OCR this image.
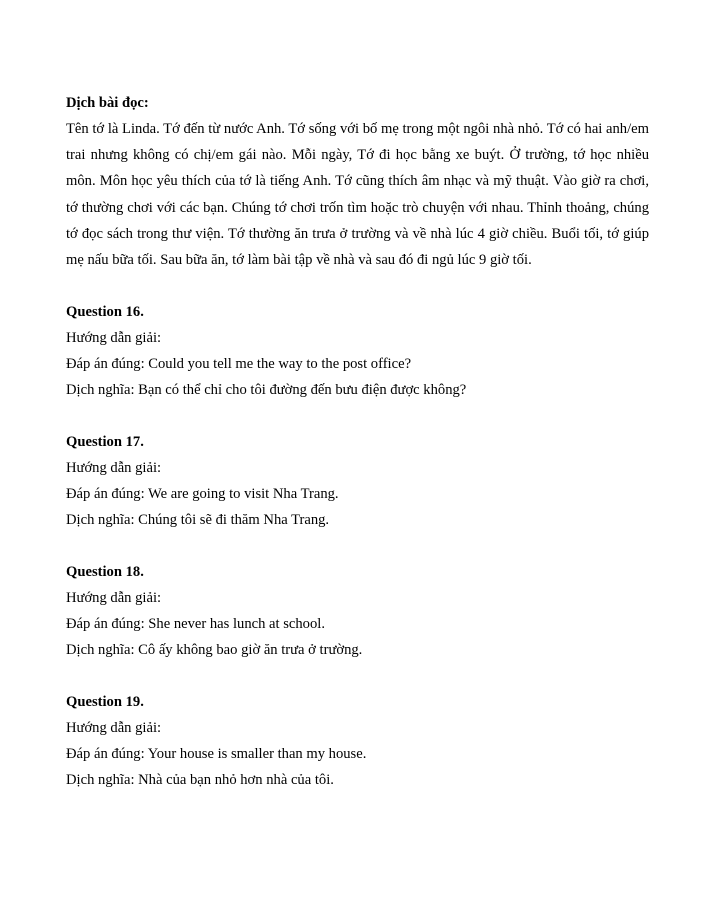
Dịch bài đọc:

Tên tớ là Linda. Tớ đến từ nước Anh. Tớ sống với bố mẹ trong một ngôi nhà nhỏ. Tớ có hai anh/em trai nhưng không có chị/em gái nào. Mỗi ngày, Tớ đi học bằng xe buýt. Ở trường, tớ học nhiều môn. Môn học yêu thích của tớ là tiếng Anh. Tớ cũng thích âm nhạc và mỹ thuật. Vào giờ ra chơi, tớ thường chơi với các bạn. Chúng tớ chơi trốn tìm hoặc trò chuyện với nhau. Thỉnh thoảng, chúng tớ đọc sách trong thư viện. Tớ thường ăn trưa ở trường và về nhà lúc 4 giờ chiều. Buổi tối, tớ giúp mẹ nấu bữa tối. Sau bữa ăn, tớ làm bài tập về nhà và sau đó đi ngủ lúc 9 giờ tối.

Question 16.

Hướng dẫn giải:

Đáp án đúng: Could you tell me the way to the post office?

Dịch nghĩa: Bạn có thể chỉ cho tôi đường đến bưu điện được không?

Question 17.

Hướng dẫn giải:

Đáp án đúng: We are going to visit Nha Trang.

Dịch nghĩa: Chúng tôi sẽ đi thăm Nha Trang.

Question 18.

Hướng dẫn giải:

Đáp án đúng: She never has lunch at school.

Dịch nghĩa: Cô ấy không bao giờ ăn trưa ở trường.

Question 19.

Hướng dẫn giải:

Đáp án đúng: Your house is smaller than my house.

Dịch nghĩa: Nhà của bạn nhỏ hơn nhà của tôi.
